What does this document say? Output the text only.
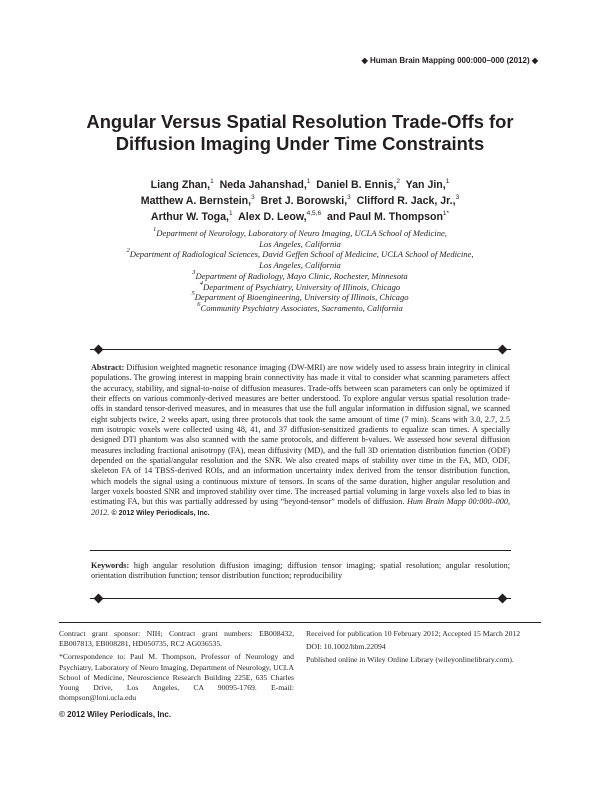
◆ Human Brain Mapping 000:000–000 (2012) ◆
Angular Versus Spatial Resolution Trade-Offs for
Diffusion Imaging Under Time Constraints
Liang Zhan,$^1$ Neda Jahanshad,$^1$ Daniel B. Ennis,$^2$ Yan Jin,$^1$
Matthew A. Bernstein,$^3$ Bret J. Borowski,$^3$ Clifford R. Jack, Jr.,$^3$
Arthur W. Toga,$^1$ Alex D. Leow,$^{4,5,6}$ and Paul M. Thompson$^{1*}$
$^1$Department of Neurology, Laboratory of Neuro Imaging, UCLA School of Medicine,
Los Angeles, California
$^2$Department of Radiological Sciences, David Geffen School of Medicine, UCLA School of Medicine,
Los Angeles, California
$^3$Department of Radiology, Mayo Clinic, Rochester, Minnesota
$^4$Department of Psychiatry, University of Illinois, Chicago
$^5$Department of Bioengineering, University of Illinois, Chicago
$^6$Community Psychiatry Associates, Sacramento, California
Abstract: Diffusion weighted magnetic resonance imaging (DW-MRI) are now widely used to assess brain integrity in clinical populations. The growing interest in mapping brain connectivity has made it vital to consider what scanning parameters affect the accuracy, stability, and signal-to-noise of diffusion measures. Trade-offs between scan parameters can only be optimized if their effects on various commonly-derived measures are better understood. To explore angular versus spatial resolution trade-offs in standard tensor-derived measures, and in measures that use the full angular information in diffusion signal, we scanned eight subjects twice, 2 weeks apart, using three protocols that took the same amount of time (7 min). Scans with 3.0, 2.7, 2.5 mm isotropic voxels were collected using 48, 41, and 37 diffusion-sensitized gradients to equalize scan times. A specially designed DTI phantom was also scanned with the same protocols, and different b-values. We assessed how several diffusion measures including fractional anisotropy (FA), mean diffusivity (MD), and the full 3D orientation distribution function (ODF) depended on the spatial/angular resolution and the SNR. We also created maps of stability over time in the FA, MD, ODF, skeleton FA of 14 TBSS-derived ROIs, and an information uncertainty index derived from the tensor distribution function, which models the signal using a continuous mixture of tensors. In scans of the same duration, higher angular resolution and larger voxels boosted SNR and improved stability over time. The increased partial voluming in large voxels also led to bias in estimating FA, but this was partially addressed by using “beyond-tensor” models of diffusion. Hum Brain Mapp 00:000–000, 2012. © 2012 Wiley Periodicals, Inc.
Keywords: high angular resolution diffusion imaging; diffusion tensor imaging; spatial resolution; angular resolution; orientation distribution function; tensor distribution function; reproducibility

Contract grant sponsor: NIH; Contract grant numbers: EB008432, EB007813, EB008281, HD050735, RC2 AG036535.

*Correspondence to: Paul M. Thompson, Professor of Neurology and Psychiatry, Laboratory of Neuro Imaging, Department of Neurology, UCLA School of Medicine, Neuroscience Research Building 225E, 635 Charles Young Drive, Los Angeles, CA 90095-1769. E-mail: thompson@loni.ucla.edu

Received for publication 10 February 2012; Accepted 15 March 2012

DOI: 10.1002/hbm.22094

Published online in Wiley Online Library (wileyonlinelibrary.com).

© 2012 Wiley Periodicals, Inc.
